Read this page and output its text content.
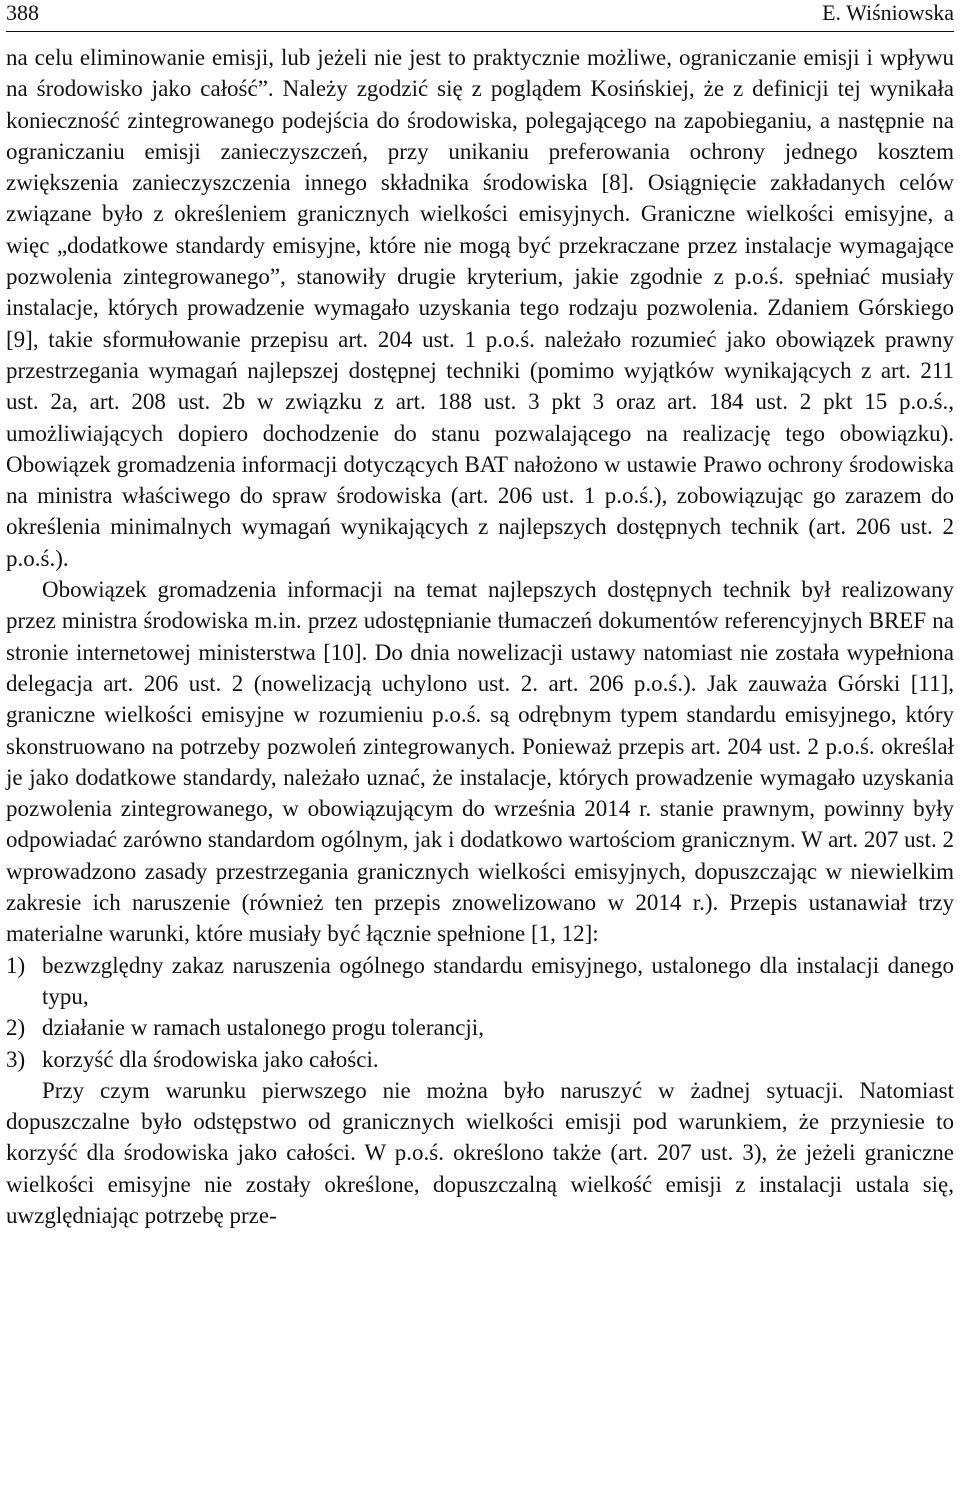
388	E. Wiśniowska

na celu eliminowanie emisji, lub jeżeli nie jest to praktycznie możliwe, ograniczanie emisji i wpływu na środowisko jako całość”. Należy zgodzić się z poglądem Kosińskiej, że z definicji tej wynikała konieczność zintegrowanego podejścia do środowiska, polegającego na zapobieganiu, a następnie na ograniczaniu emisji zanieczyszczeń, przy unikaniu preferowania ochrony jednego kosztem zwiększenia zanieczyszczenia innego składnika środowiska [8]. Osiągnięcie zakładanych celów związane było z określeniem granicznych wielkości emisyjnych. Graniczne wielkości emisyjne, a więc „dodatkowe standardy emisyjne, które nie mogą być przekraczane przez instalacje wymagające pozwolenia zintegrowanego”, stanowiły drugie kryterium, jakie zgodnie z p.o.ś. spełniać musiały instalacje, których prowadzenie wymagało uzyskania tego rodzaju pozwolenia. Zdaniem Górskiego [9], takie sformułowanie przepisu art. 204 ust. 1 p.o.ś. należało rozumieć jako obowiązek prawny przestrzegania wymagań najlepszej dostępnej techniki (pomimo wyjątków wynikających z art. 211 ust. 2a, art. 208 ust. 2b w związku z art. 188 ust. 3 pkt 3 oraz art. 184 ust. 2 pkt 15 p.o.ś., umożliwiających dopiero dochodzenie do stanu pozwalającego na realizację tego obowiązku). Obowiązek gromadzenia informacji dotyczących BAT nałożono w ustawie Prawo ochrony środowiska na ministra właściwego do spraw środowiska (art. 206 ust. 1 p.o.ś.), zobowiązując go zarazem do określenia minimalnych wymagań wynikających z najlepszych dostępnych technik (art. 206 ust. 2 p.o.ś.).

Obowiązek gromadzenia informacji na temat najlepszych dostępnych technik był realizowany przez ministra środowiska m.in. przez udostępnianie tłumaczeń dokumentów referencyjnych BREF na stronie internetowej ministerstwa [10]. Do dnia nowelizacji ustawy natomiast nie została wypełniona delegacja art. 206 ust. 2 (nowelizacją uchylono ust. 2. art. 206 p.o.ś.). Jak zauważa Górski [11], graniczne wielkości emisyjne w rozumieniu p.o.ś. są odrębnym typem standardu emisyjnego, który skonstruowano na potrzeby pozwoleń zintegrowanych. Ponieważ przepis art. 204 ust. 2 p.o.ś. określał je jako dodatkowe standardy, należało uznać, że instalacje, których prowadzenie wymagało uzyskania pozwolenia zintegrowanego, w obowiązującym do września 2014 r. stanie prawnym, powinny były odpowiadać zarówno standardom ogólnym, jak i dodatkowo wartościom granicznym. W art. 207 ust. 2 wprowadzono zasady przestrzegania granicznych wielkości emisyjnych, dopuszczając w niewielkim zakresie ich naruszenie (również ten przepis znowelizowano w 2014 r.). Przepis ustanawiał trzy materialne warunki, które musiały być łącznie spełnione [1, 12]:

1) bezwzględny zakaz naruszenia ogólnego standardu emisyjnego, ustalonego dla instalacji danego typu,
2) działanie w ramach ustalonego progu tolerancji,
3) korzyść dla środowiska jako całości.

Przy czym warunku pierwszego nie można było naruszyć w żadnej sytuacji. Natomiast dopuszczalne było odstępstwo od granicznych wielkości emisji pod warunkiem, że przyniesie to korzyść dla środowiska jako całości. W p.o.ś. określono także (art. 207 ust. 3), że jeżeli graniczne wielkości emisyjne nie zostały określone, dopuszczalną wielkość emisji z instalacji ustala się, uwzględniając potrzebę prze-
